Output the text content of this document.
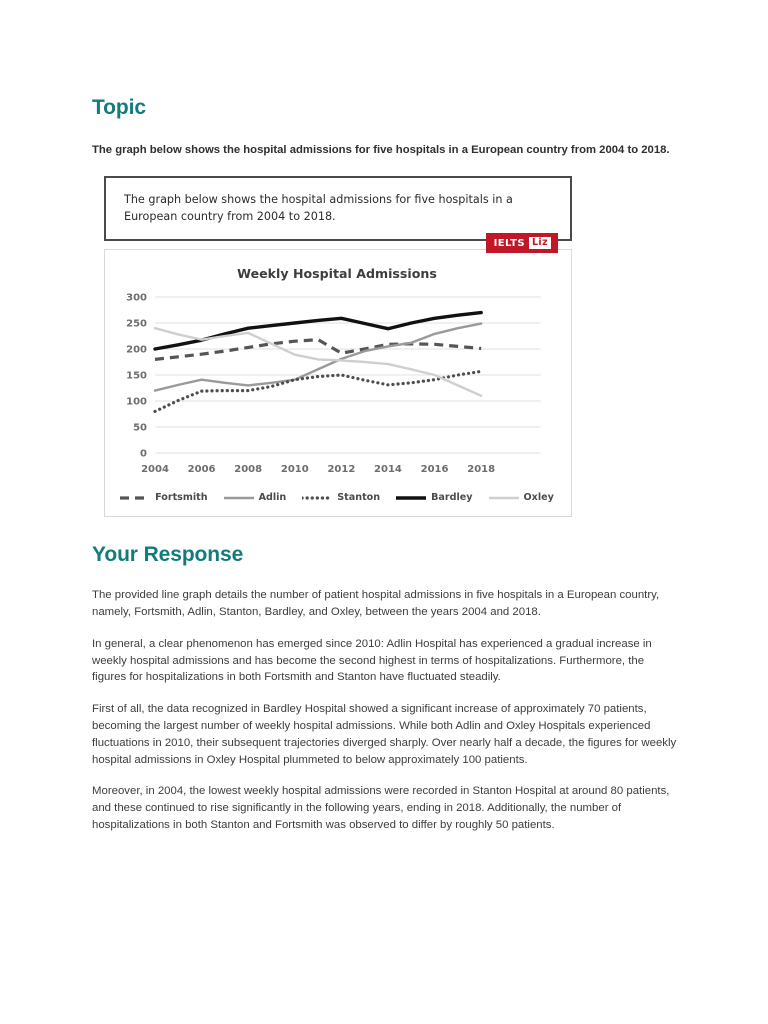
Topic

The graph below shows the hospital admissions for five hospitals in a European country from 2004 to 2018.

The graph below shows the hospital admissions for five hospitals in a European country from 2004 to 2018.

IELTS Liz
Weekly Hospital Admissions
0
50
100
150
200
250
300
2004 2006 2008 2010 2012 2014 2016 2018
Fortsmith	Adlin	Stanton	Bardley	Oxley
Your Response

The provided line graph details the number of patient hospital admissions in five hospitals in a European country, namely, Fortsmith, Adlin, Stanton, Bardley, and Oxley, between the years 2004 and 2018.

In general, a clear phenomenon has emerged since 2010: Adlin Hospital has experienced a gradual increase in weekly hospital admissions and has become the second highest in terms of hospitalizations. Furthermore, the figures for hospitalizations in both Fortsmith and Stanton have fluctuated steadily.

First of all, the data recognized in Bardley Hospital showed a significant increase of approximately 70 patients, becoming the largest number of weekly hospital admissions. While both Adlin and Oxley Hospitals experienced fluctuations in 2010, their subsequent trajectories diverged sharply. Over nearly half a decade, the figures for weekly hospital admissions in Oxley Hospital plummeted to below approximately 100 patients.

Moreover, in 2004, the lowest weekly hospital admissions were recorded in Stanton Hospital at around 80 patients, and these continued to rise significantly in the following years, ending in 2018. Additionally, the number of hospitalizations in both Stanton and Fortsmith was observed to differ by roughly 50 patients.
